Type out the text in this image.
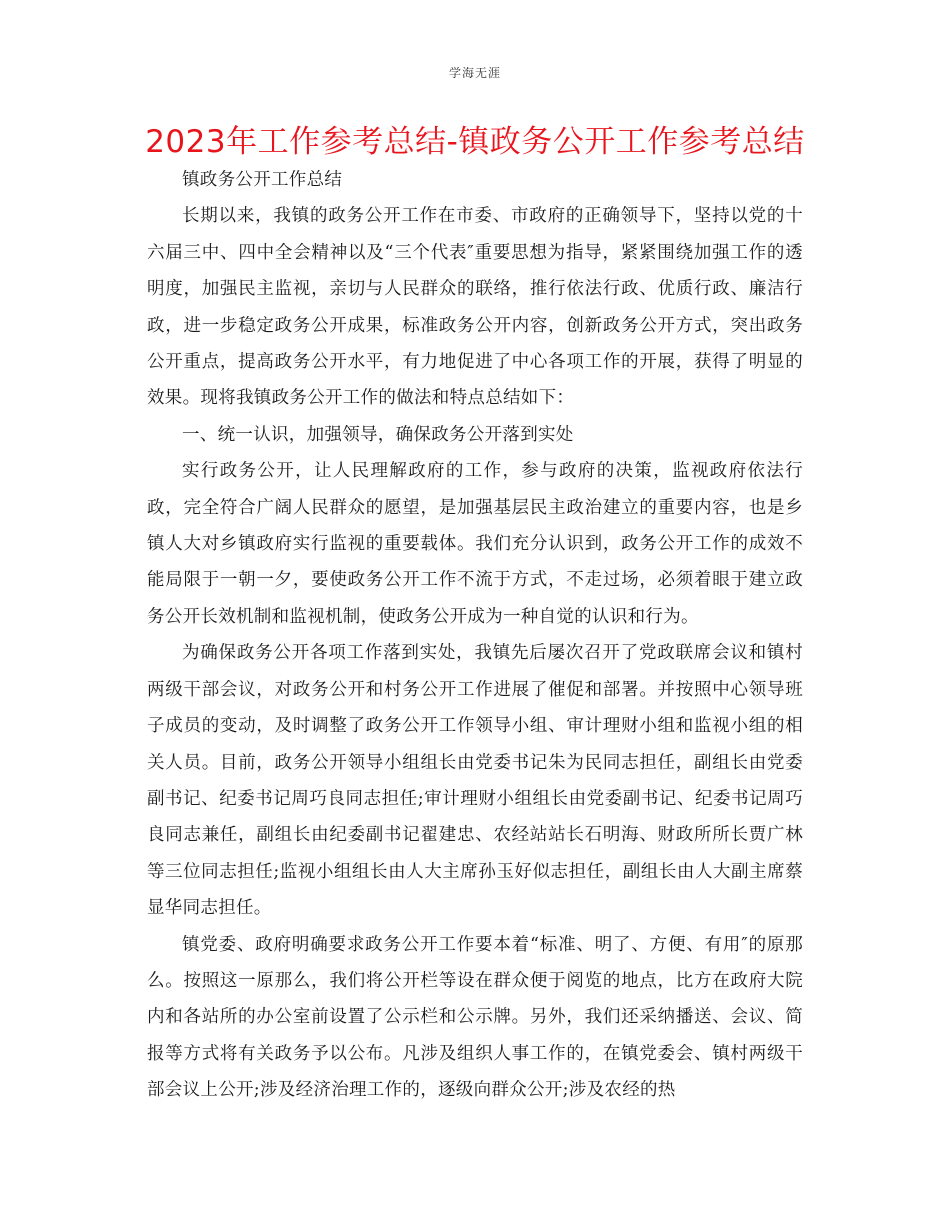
学海无涯
2023年工作参考总结-镇政务公开工作参考总结

镇政务公开工作总结

长期以来，我镇的政务公开工作在市委、市政府的正确领导下，坚持以党的十六届三中、四中全会精神以及“三个代表″重要思想为指导，紧紧围绕加强工作的透明度，加强民主监视，亲切与人民群众的联络，推行依法行政、优质行政、廉洁行政，进一步稳定政务公开成果，标准政务公开内容，创新政务公开方式，突出政务公开重点，提高政务公开水平，有力地促进了中心各项工作的开展，获得了明显的效果。现将我镇政务公开工作的做法和特点总结如下：

一、统一认识，加强领导，确保政务公开落到实处

实行政务公开，让人民理解政府的工作，参与政府的决策，监视政府依法行政，完全符合广阔人民群众的愿望，是加强基层民主政治建立的重要内容，也是乡镇人大对乡镇政府实行监视的重要载体。我们充分认识到，政务公开工作的成效不能局限于一朝一夕，要使政务公开工作不流于方式，不走过场，必须着眼于建立政务公开长效机制和监视机制，使政务公开成为一种自觉的认识和行为。

为确保政务公开各项工作落到实处，我镇先后屡次召开了党政联席会议和镇村两级干部会议，对政务公开和村务公开工作进展了催促和部署。并按照中心领导班子成员的变动，及时调整了政务公开工作领导小组、审计理财小组和监视小组的相关人员。目前，政务公开领导小组组长由党委书记朱为民同志担任，副组长由党委副书记、纪委书记周巧良同志担任;审计理财小组组长由党委副书记、纪委书记周巧良同志兼任，副组长由纪委副书记翟建忠、农经站站长石明海、财政所所长贾广林等三位同志担任;监视小组组长由人大主席孙玉好似志担任，副组长由人大副主席蔡显华同志担任。

镇党委、政府明确要求政务公开工作要本着“标准、明了、方便、有用″的原那么。按照这一原那么，我们将公开栏等设在群众便于阅览的地点，比方在政府大院内和各站所的办公室前设置了公示栏和公示牌。另外，我们还采纳播送、会议、简报等方式将有关政务予以公布。凡涉及组织人事工作的，在镇党委会、镇村两级干部会议上公开;涉及经济治理工作的，逐级向群众公开;涉及农经的热
